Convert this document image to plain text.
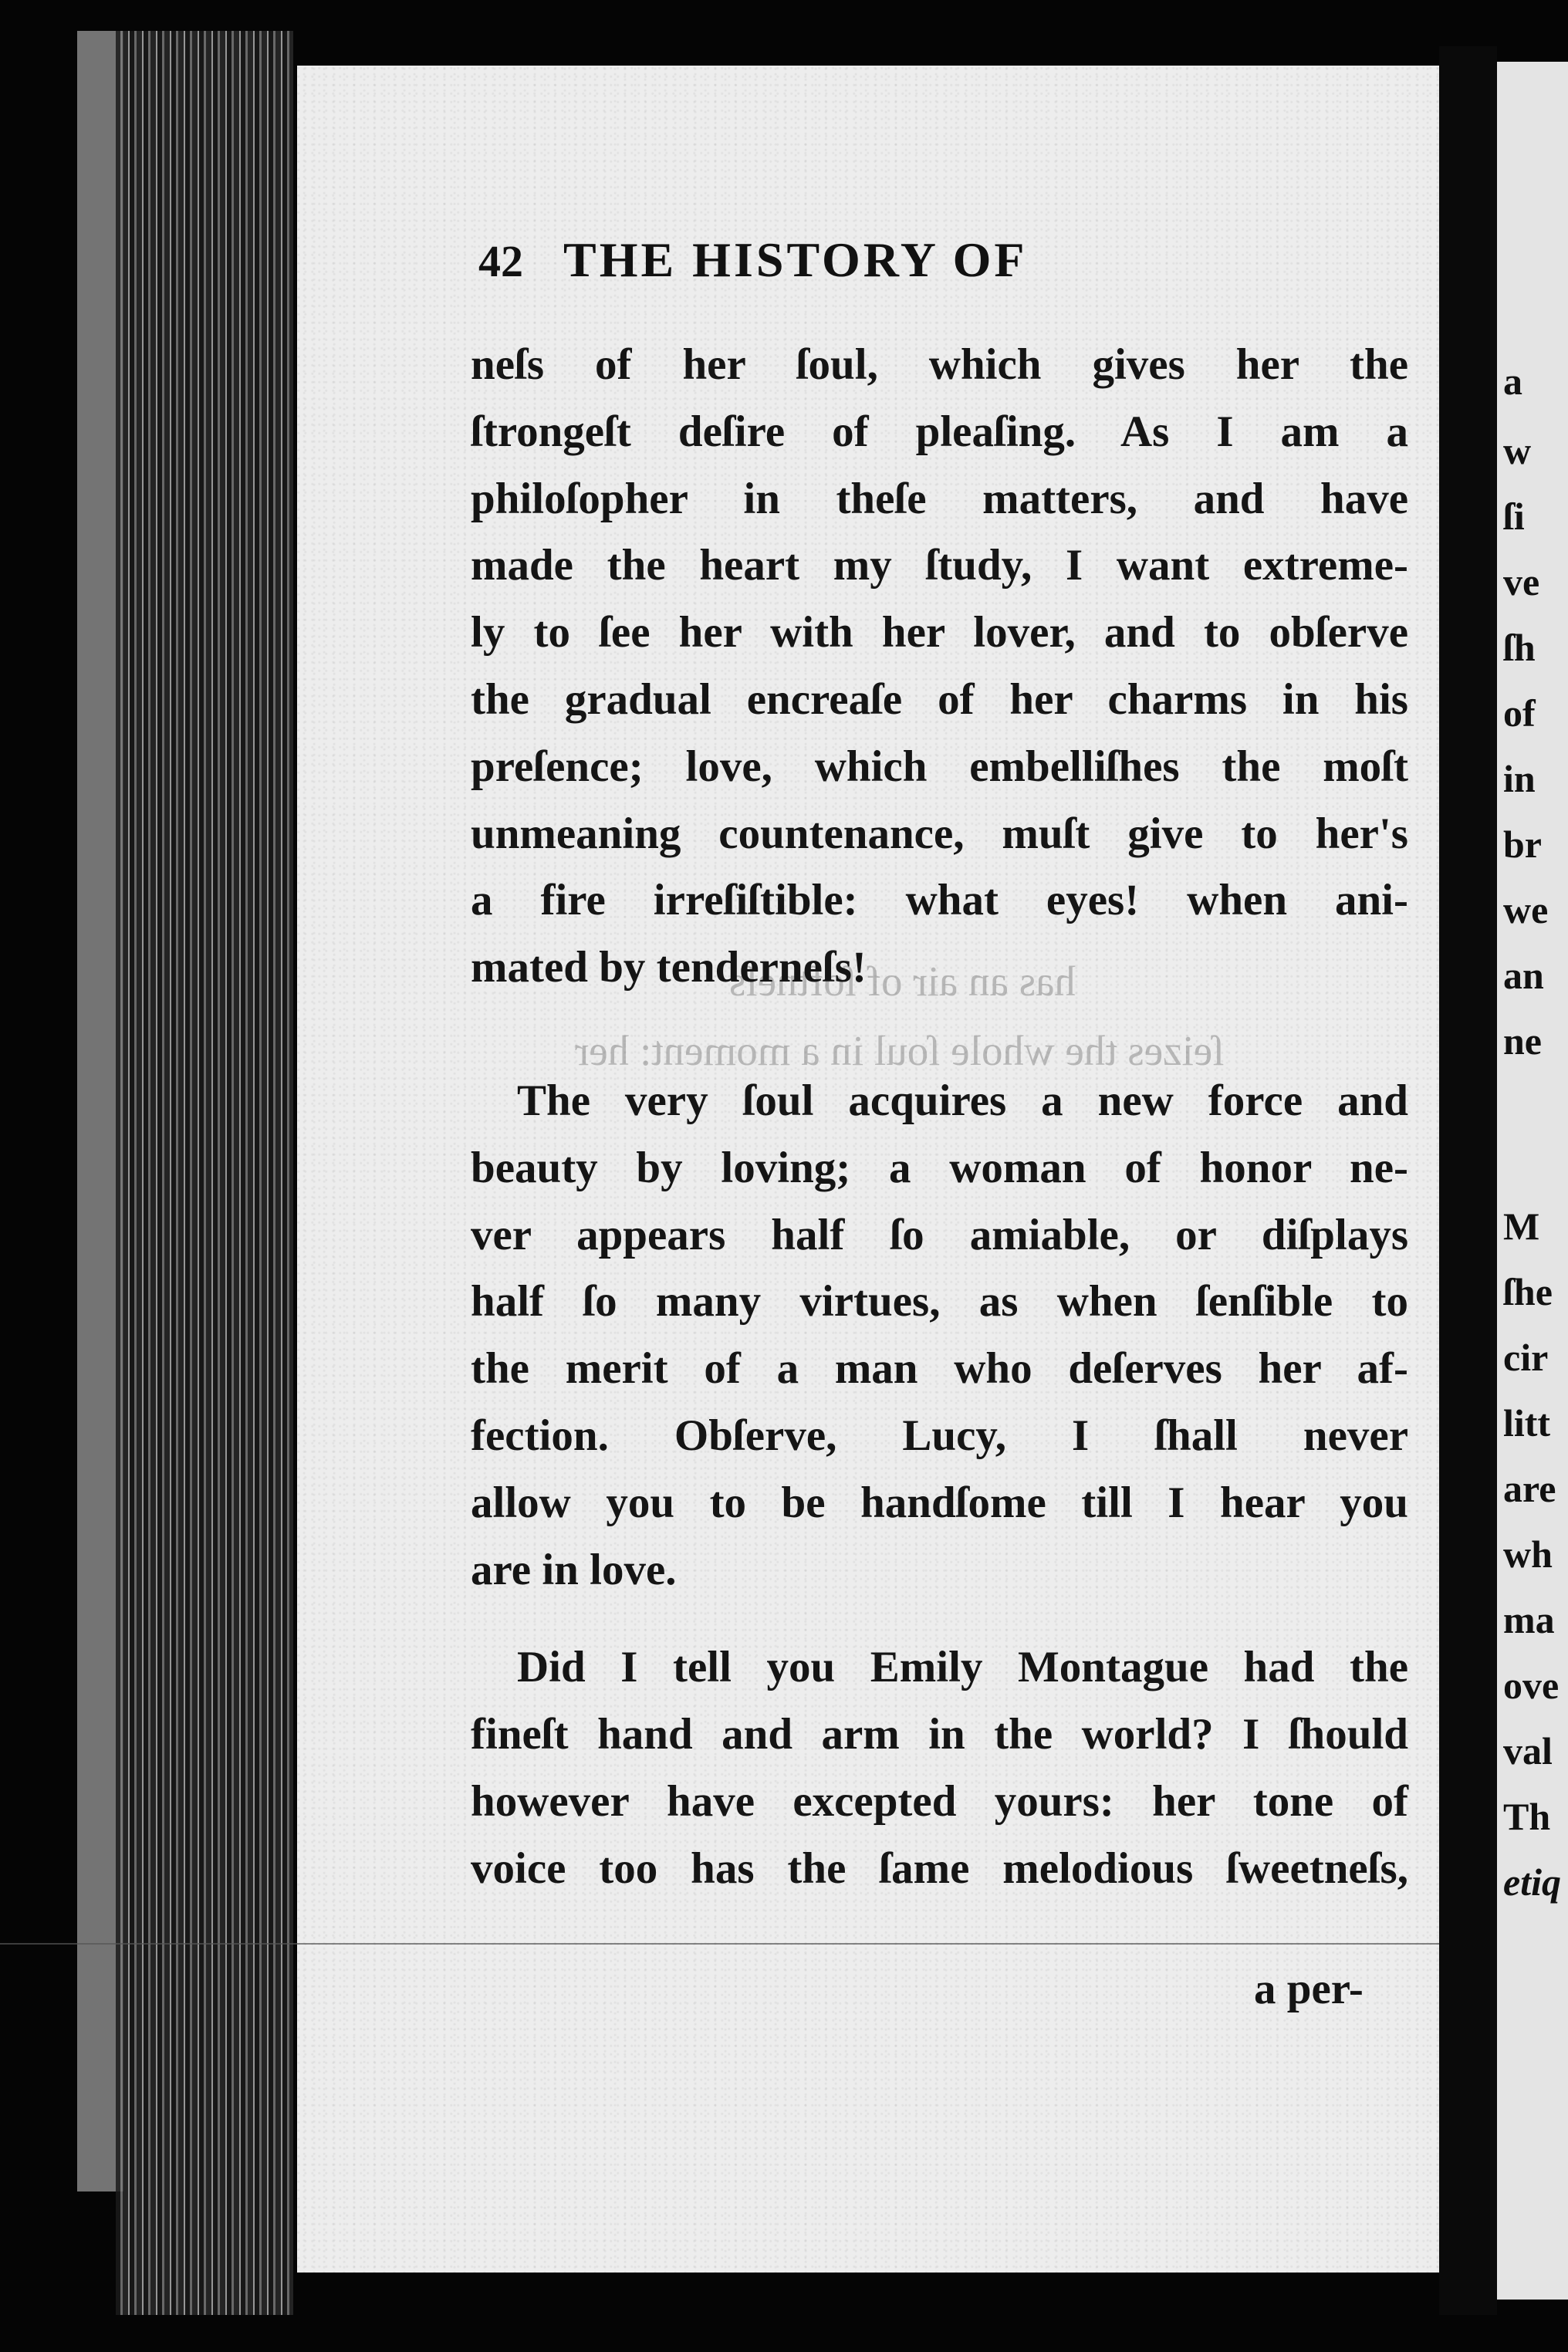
has an air of ſoftneſs
ſeizes the whole ſoul in a moment: her
42 THE HISTORY OF
neſs of her ſoul, which gives her the
ſtrongeſt deſire of pleaſing. As I am a
philoſopher in theſe matters, and have
made the heart my ſtudy, I want extreme-
ly to ſee her with her lover, and to obſerve
the gradual encreaſe of her charms in his
preſence; love, which embelliſhes the moſt
unmeaning countenance, muſt give to her's
a fire irreſiſtible: what eyes! when ani-
mated by tenderneſs!
The very ſoul acquires a new force and
beauty by loving; a woman of honor ne-
ver appears half ſo amiable, or diſplays
half ſo many virtues, as when ſenſible to
the merit of a man who deſerves her af-
fection. Obſerve, Lucy, I ſhall never
allow you to be handſome till I hear you
are in love.
Did I tell you Emily Montague had the
fineſt hand and arm in the world? I ſhould
however have excepted yours: her tone of
voice too has the ſame melodious ſweetneſs,
a per-
a
w
ſi
ve
ſh
of
in
br
we
an
ne
M
ſhe
cir
litt
are
wh
ma
ove
val
Th
etiq
